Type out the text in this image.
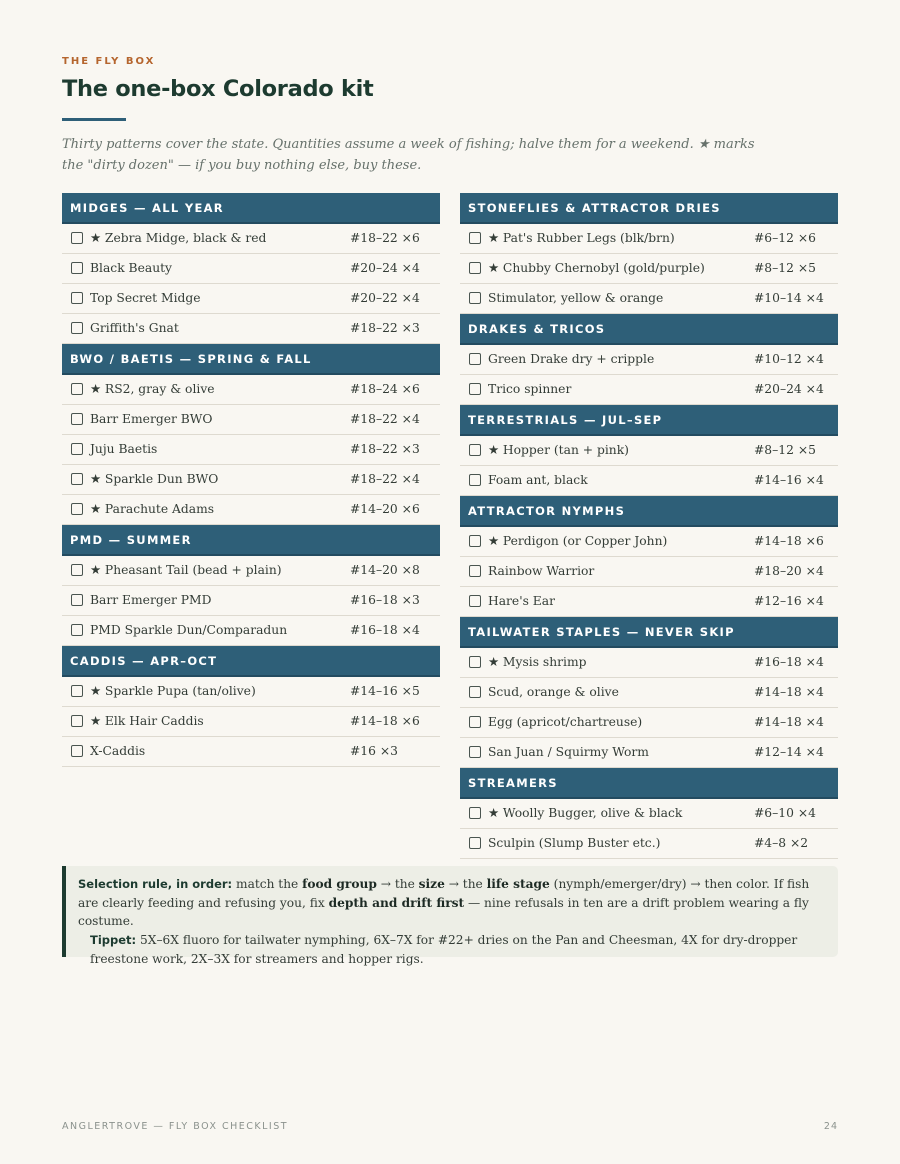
THE FLY BOX
The one-box Colorado kit

Thirty patterns cover the state. Quantities assume a week of fishing; halve them for a weekend. ★ marks the "dirty dozen" — if you buy nothing else, buy these.

MIDGES — ALL YEAR
★ Zebra Midge, black & red	#18–22 ×6
Black Beauty	#20–24 ×4
Top Secret Midge	#20–22 ×4
Griffith's Gnat	#18–22 ×3
BWO / BAETIS — SPRING & FALL
★ RS2, gray & olive	#18–24 ×6
Barr Emerger BWO	#18–22 ×4
Juju Baetis	#18–22 ×3
★ Sparkle Dun BWO	#18–22 ×4
★ Parachute Adams	#14–20 ×6
PMD — SUMMER
★ Pheasant Tail (bead + plain)	#14–20 ×8
Barr Emerger PMD	#16–18 ×3
PMD Sparkle Dun/Comparadun	#16–18 ×4
CADDIS — APR–OCT
★ Sparkle Pupa (tan/olive)	#14–16 ×5
★ Elk Hair Caddis	#14–18 ×6
X-Caddis	#16 ×3
STONEFLIES & ATTRACTOR DRIES
★ Pat's Rubber Legs (blk/brn)	#6–12 ×6
★ Chubby Chernobyl (gold/purple)	#8–12 ×5
Stimulator, yellow & orange	#10–14 ×4
DRAKES & TRICOS
Green Drake dry + cripple	#10–12 ×4
Trico spinner	#20–24 ×4
TERRESTRIALS — JUL–SEP
★ Hopper (tan + pink)	#8–12 ×5
Foam ant, black	#14–16 ×4
ATTRACTOR NYMPHS
★ Perdigon (or Copper John)	#14–18 ×6
Rainbow Warrior	#18–20 ×4
Hare's Ear	#12–16 ×4
TAILWATER STAPLES — NEVER SKIP
★ Mysis shrimp	#16–18 ×4
Scud, orange & olive	#14–18 ×4
Egg (apricot/chartreuse)	#14–18 ×4
San Juan / Squirmy Worm	#12–14 ×4
STREAMERS
★ Woolly Bugger, olive & black	#6–10 ×4
Sculpin (Slump Buster etc.)	#4–8 ×2

Selection rule, in order: match the food group → the size → the life stage (nymph/emerger/dry) → then color. If fish are clearly feeding and refusing you, fix depth and drift first — nine refusals in ten are a drift problem wearing a fly costume.

Tippet: 5X–6X fluoro for tailwater nymphing, 6X–7X for #22+ dries on the Pan and Cheesman, 4X for dry-dropper freestone work, 2X–3X for streamers and hopper rigs.

ANGLERTROVE — FLY BOX CHECKLIST	24
